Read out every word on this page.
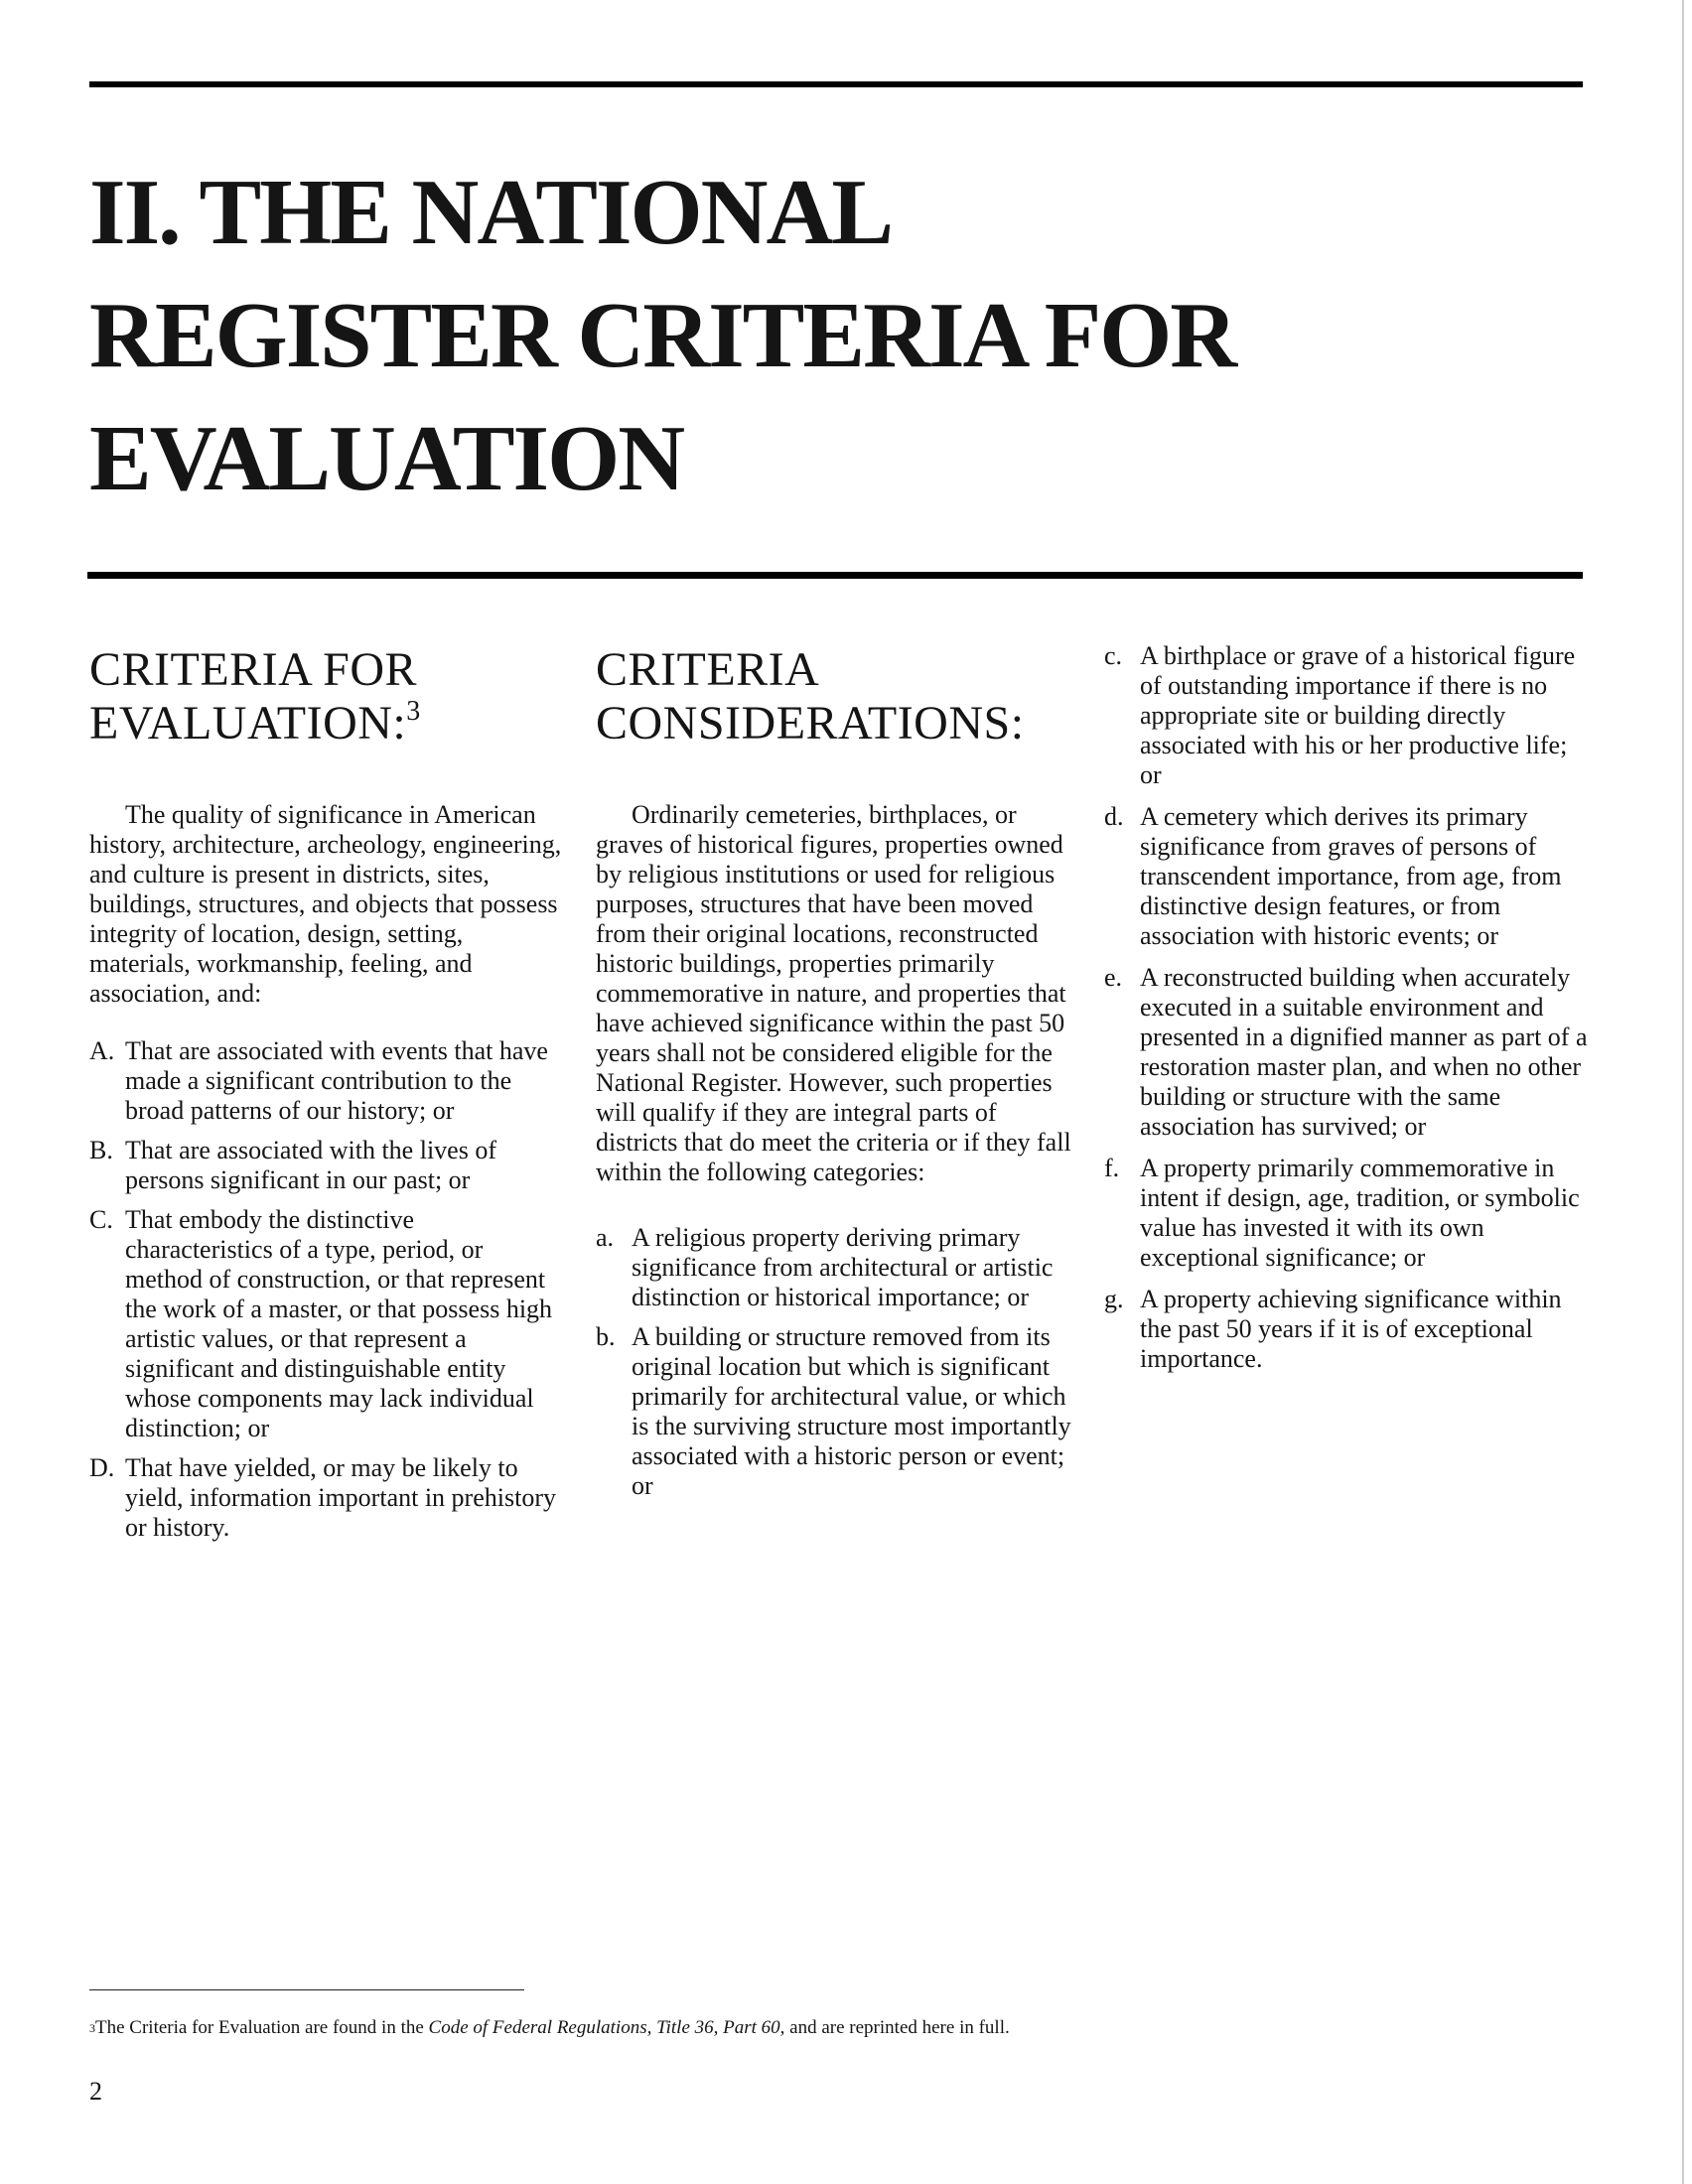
II. THE NATIONAL
REGISTER CRITERIA FOR
EVALUATION
CRITERIA FOR
EVALUATION:$^3$

The quality of significance in American history, architecture, archeology, engineering, and culture is present in districts, sites, buildings, structures, and objects that possess integrity of location, design, setting, materials, workmanship, feeling, and association, and:

A. That are associated with events that have made a significant contribution to the broad patterns of our history; or
B. That are associated with the lives of persons significant in our past; or
C. That embody the distinctive characteristics of a type, period, or method of construction, or that represent the work of a master, or that possess high artistic values, or that represent a significant and distinguishable entity whose components may lack individual distinction; or
D. That have yielded, or may be likely to yield, information important in prehistory or history.
CRITERIA
CONSIDERATIONS:

Ordinarily cemeteries, birthplaces, or graves of historical figures, properties owned by religious institutions or used for religious purposes, structures that have been moved from their original locations, reconstructed historic buildings, properties primarily commemorative in nature, and properties that have achieved significance within the past 50 years shall not be considered eligible for the National Register. However, such properties will qualify if they are integral parts of districts that do meet the criteria or if they fall within the following categories:

a. A religious property deriving primary significance from architectural or artistic distinction or historical importance; or
b. A building or structure removed from its original location but which is significant primarily for architectural value, or which is the surviving structure most importantly associated with a historic person or event; or
c. A birthplace or grave of a historical figure of outstanding importance if there is no appropriate site or building directly associated with his or her productive life; or
d. A cemetery which derives its primary significance from graves of persons of transcendent importance, from age, from distinctive design features, or from association with historic events; or
e. A reconstructed building when accurately executed in a suitable environment and presented in a dignified manner as part of a restoration master plan, and when no other building or structure with the same association has survived; or
f. A property primarily commemorative in intent if design, age, tradition, or symbolic value has invested it with its own exceptional significance; or
g. A property achieving significance within the past 50 years if it is of exceptional importance.
$^3$The Criteria for Evaluation are found in the Code of Federal Regulations, Title 36, Part 60, and are reprinted here in full.
2
